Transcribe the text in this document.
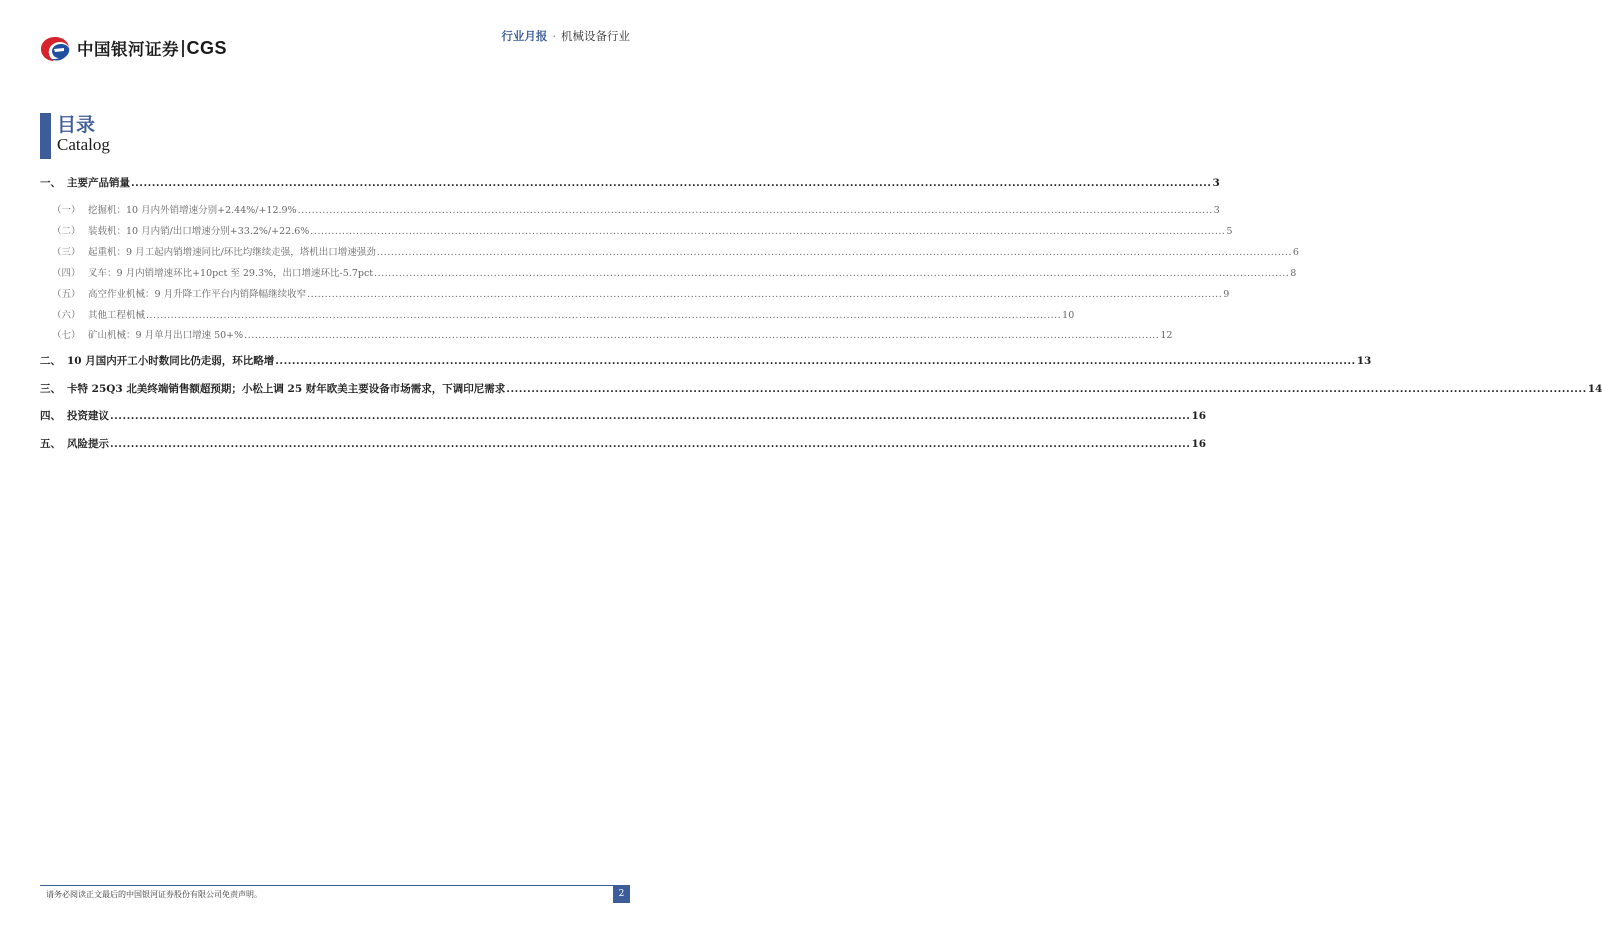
中国银河证券 CGS
行业月报 · 机械设备行业
目录
Catalog
一、 主要产品销量 .....	3
（一） 挖掘机：10 月内外销增速分别+2.44%/+12.9% .....	3
（二） 装载机：10 月内销/出口增速分别+33.2%/+22.6% .....	5
（三） 起重机：9 月工起内销增速同比/环比均继续走强，塔机出口增速强劲 .....	6
（四） 叉车：9 月内销增速环比+10pct 至 29.3%，出口增速环比-5.7pct .....	8
（五） 高空作业机械：9 月升降工作平台内销降幅继续收窄 .....	9
（六） 其他工程机械 .....	10
（七） 矿山机械：9 月单月出口增速 50+% .....	12
二、 10 月国内开工小时数同比仍走弱，环比略增 .....	13
三、 卡特 25Q3 北美终端销售额超预期；小松上调 25 财年欧美主要设备市场需求，下调印尼需求 .....	14
四、 投资建议 .....	16
五、 风险提示 .....	16
请务必阅读正文最后的中国银河证券股份有限公司免责声明。	2
